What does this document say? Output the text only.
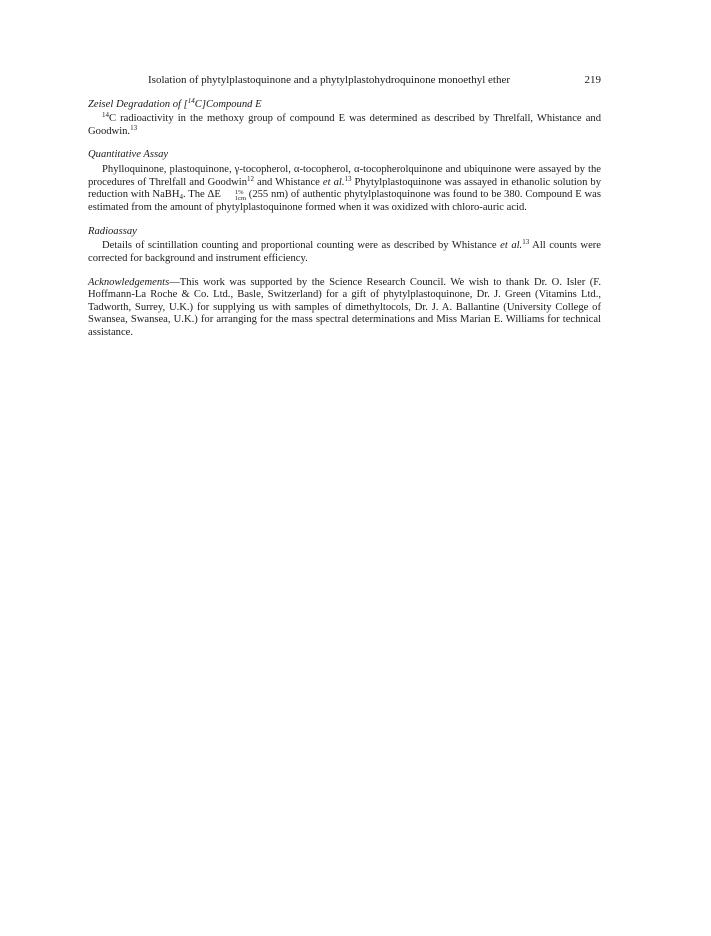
Isolation of phytylplastoquinone and a phytylplastohydroquinone monoethyl ether	219
Zeisel Degradation of [$^{14}$C]Compound E

$^{14}$C radioactivity in the methoxy group of compound E was determined as described by Threlfall, Whistance and Goodwin.$^{13}$

Quantitative Assay

Phylloquinone, plastoquinone, γ-tocopherol, α-tocopherol, α-tocopherolquinone and ubiquinone were assayed by the procedures of Threlfall and Goodwin$^{12}$ and Whistance et al.$^{13}$ Phytylplastoquinone was assayed in ethanolic solution by reduction with NaBH$_4$. The ΔE	1%
1cm (255 nm) of authentic phytylplastoquinone was found to be 380. Compound E was estimated from the amount of phytylplastoquinone formed when it was oxidized with chloro-auric acid.

Radioassay

Details of scintillation counting and proportional counting were as described by Whistance et al.$^{13}$ All counts were corrected for background and instrument efficiency.

Acknowledgements—This work was supported by the Science Research Council. We wish to thank Dr. O. Isler (F. Hoffmann-La Roche & Co. Ltd., Basle, Switzerland) for a gift of phytylplastoquinone, Dr. J. Green (Vitamins Ltd., Tadworth, Surrey, U.K.) for supplying us with samples of dimethyltocols, Dr. J. A. Ballantine (University College of Swansea, Swansea, U.K.) for arranging for the mass spectral determinations and Miss Marian E. Williams for technical assistance.
